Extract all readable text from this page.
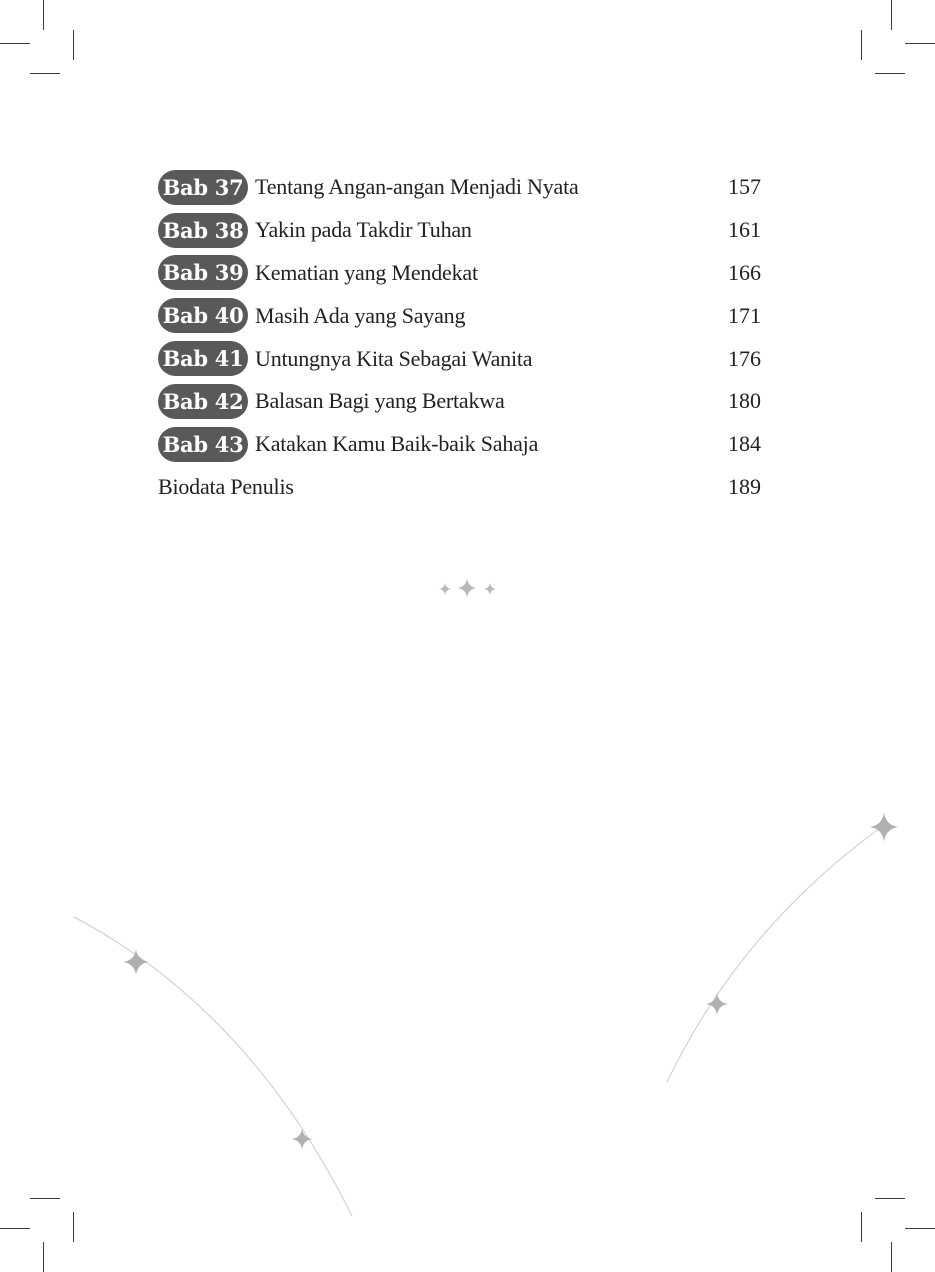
Bab 37 Tentang Angan-angan Menjadi Nyata	157
Bab 38 Yakin pada Takdir Tuhan	161
Bab 39 Kematian yang Mendekat	166
Bab 40 Masih Ada yang Sayang	171
Bab 41 Untungnya Kita Sebagai Wanita	176
Bab 42 Balasan Bagi yang Bertakwa	180
Bab 43 Katakan Kamu Baik-baik Sahaja	184
Biodata Penulis	189
